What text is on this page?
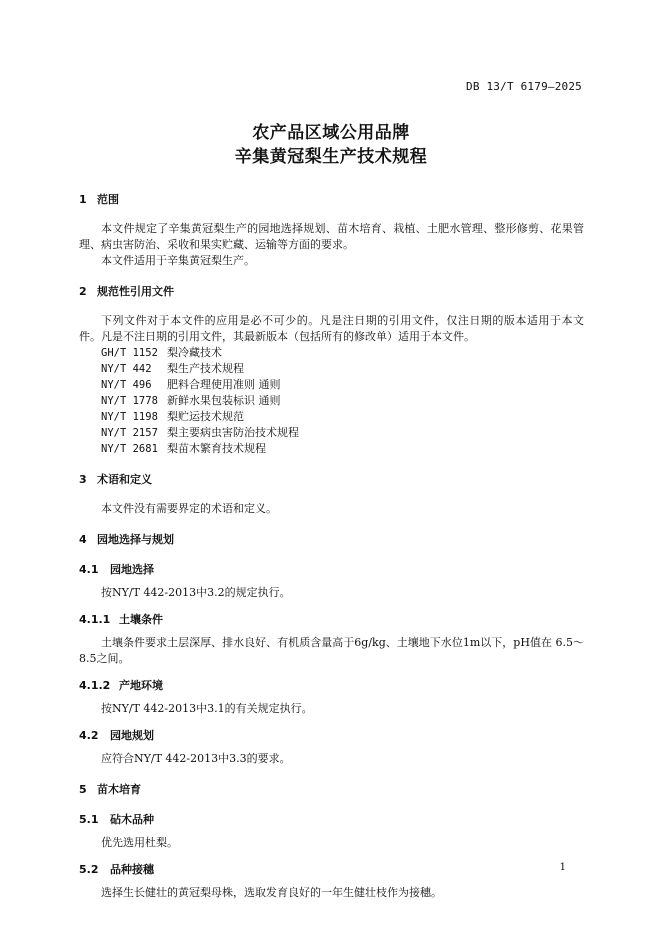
DB 13/T 6179—2025
农产品区域公用品牌
辛集黄冠梨生产技术规程
1 范围

本文件规定了辛集黄冠梨生产的园地选择规划、苗木培育、栽植、土肥水管理、整形修剪、花果管理、病虫害防治、采收和果实贮藏、运输等方面的要求。

本文件适用于辛集黄冠梨生产。

2 规范性引用文件

下列文件对于本文件的应用是必不可少的。凡是注日期的引用文件，仅注日期的版本适用于本文件。凡是不注日期的引用文件，其最新版本（包括所有的修改单）适用于本文件。

GH/T 1152 梨冷藏技术
NY/T 442 梨生产技术规程
NY/T 496 肥料合理使用准则 通则
NY/T 1778 新鲜水果包装标识 通则
NY/T 1198 梨贮运技术规范
NY/T 2157 梨主要病虫害防治技术规程
NY/T 2681 梨苗木繁育技术规程
3 术语和定义

本文件没有需要界定的术语和定义。

4 园地选择与规划
4.1 园地选择

按NY/T 442-2013中3.2的规定执行。

4.1.1 土壤条件

土壤条件要求土层深厚、排水良好、有机质含量高于6g/kg、土壤地下水位1m以下，pH值在 6.5～8.5之间。

4.1.2 产地环境

按NY/T 442-2013中3.1的有关规定执行。

4.2 园地规划

应符合NY/T 442-2013中3.3的要求。

5 苗木培育
5.1 砧木品种

优先选用杜梨。

5.2 品种接穗

选择生长健壮的黄冠梨母株，选取发育良好的一年生健壮枝作为接穗。

1
